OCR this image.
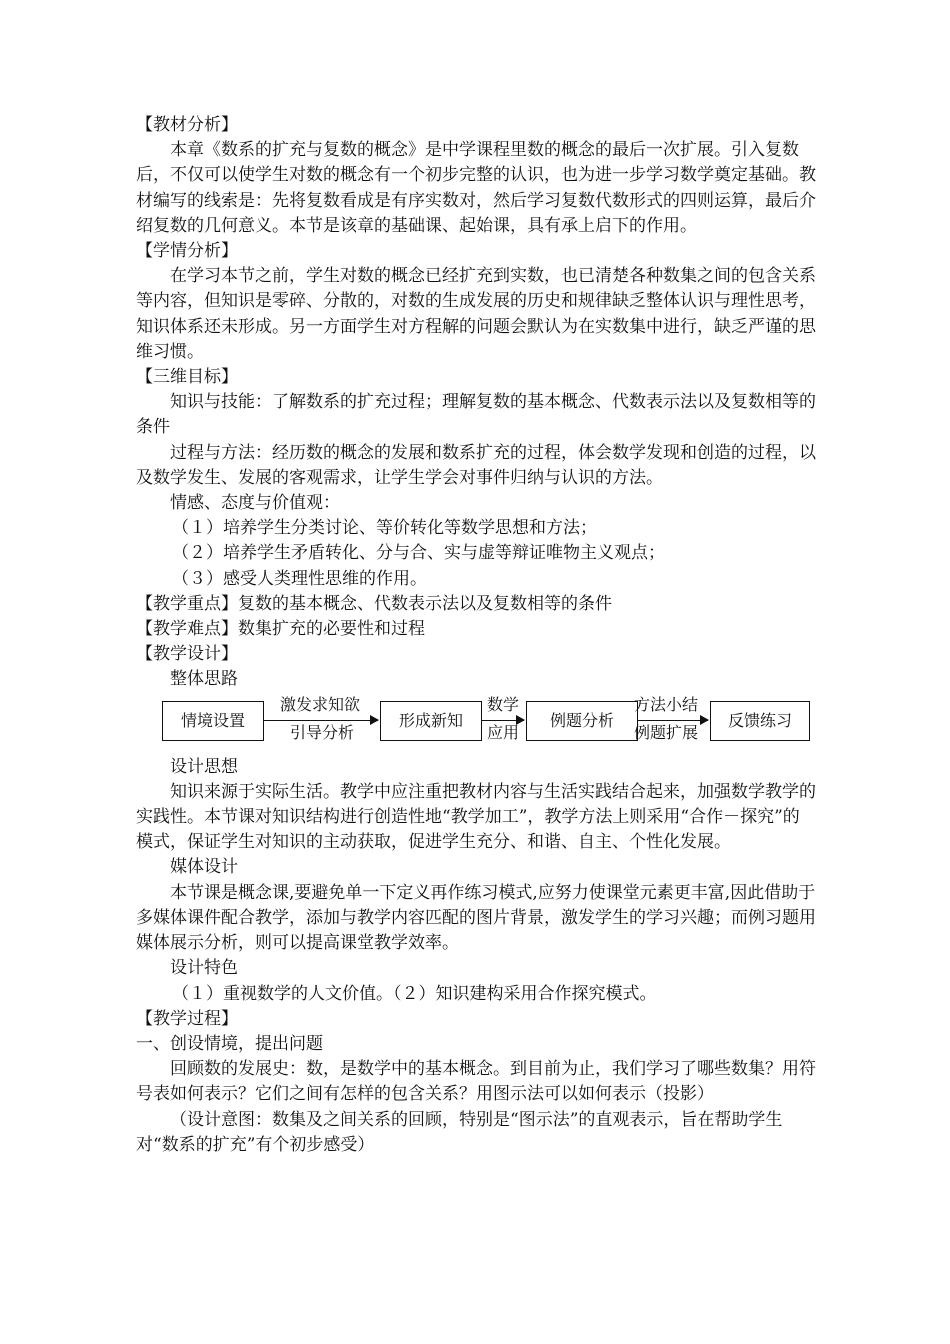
【教材分析】

本章《数系的扩充与复数的概念》是中学课程里数的概念的最后一次扩展。引入复数后，不仅可以使学生对数的概念有一个初步完整的认识，也为进一步学习数学奠定基础。教材编写的线索是：先将复数看成是有序实数对，然后学习复数代数形式的四则运算，最后介绍复数的几何意义。本节是该章的基础课、起始课，具有承上启下的作用。

【学情分析】

在学习本节之前，学生对数的概念已经扩充到实数，也已清楚各种数集之间的包含关系等内容，但知识是零碎、分散的，对数的生成发展的历史和规律缺乏整体认识与理性思考，知识体系还未形成。另一方面学生对方程解的问题会默认为在实数集中进行，缺乏严谨的思维习惯。

【三维目标】

知识与技能：了解数系的扩充过程；理解复数的基本概念、代数表示法以及复数相等的条件

过程与方法：经历数的概念的发展和数系扩充的过程，体会数学发现和创造的过程，以及数学发生、发展的客观需求，让学生学会对事件归纳与认识的方法。

情感、态度与价值观：

（１）培养学生分类讨论、等价转化等数学思想和方法；

（２）培养学生矛盾转化、分与合、实与虚等辩证唯物主义观点；

（３）感受人类理性思维的作用。

【教学重点】复数的基本概念、代数表示法以及复数相等的条件

【教学难点】数集扩充的必要性和过程

【教学设计】

整体思路

情境设置
激发求知欲
引导分析
形成新知
数学
应用
例题分析
方法小结
例题扩展
反馈练习

设计思想

知识来源于实际生活。教学中应注重把教材内容与生活实践结合起来，加强数学教学的实践性。本节课对知识结构进行创造性地“教学加工”，教学方法上则采用“合作－探究”的模式，保证学生对知识的主动获取，促进学生充分、和谐、自主、个性化发展。

媒体设计

本节课是概念课,要避免单一下定义再作练习模式,应努力使课堂元素更丰富,因此借助于多媒体课件配合教学，添加与教学内容匹配的图片背景，激发学生的学习兴趣；而例习题用媒体展示分析，则可以提高课堂教学效率。

设计特色

（１）重视数学的人文价值。（２）知识建构采用合作探究模式。

【教学过程】

一、创设情境，提出问题

回顾数的发展史：数，是数学中的基本概念。到目前为止，我们学习了哪些数集？用符号表如何表示？它们之间有怎样的包含关系？用图示法可以如何表示（投影）

（设计意图：数集及之间关系的回顾，特别是“图示法”的直观表示，旨在帮助学生对“数系的扩充”有个初步感受）
